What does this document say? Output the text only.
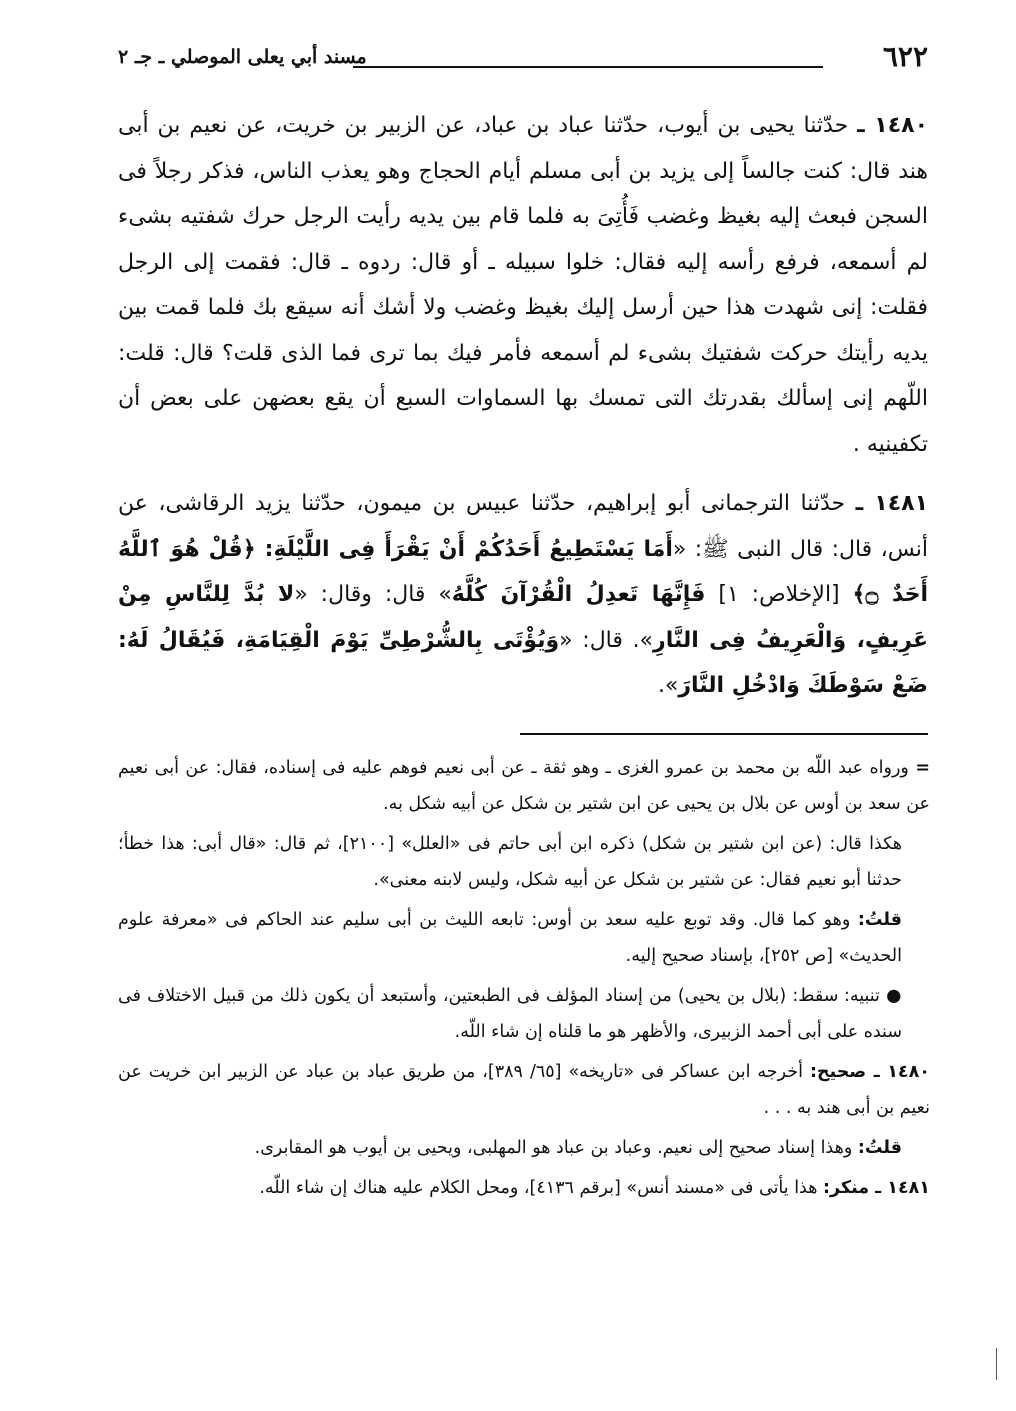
٦٢٢
مسند أبي يعلى الموصلي ـ جـ ٢

١٤٨٠ ـ حدّثنا يحيى بن أيوب، حدّثنا عباد بن عباد، عن الزبير بن خريت، عن نعيم بن أبى هند قال: كنت جالساً إلى يزيد بن أبى مسلم أيام الحجاج وهو يعذب الناس، فذكر رجلاً فى السجن فبعث إليه بغيظ وغضب فَأُتِىَ به فلما قام بين يديه رأيت الرجل حرك شفتيه بشىء لم أسمعه، فرفع رأسه إليه فقال: خلوا سبيله ـ أو قال: ردوه ـ قال: فقمت إلى الرجل فقلت: إنى شهدت هذا حين أرسل إليك بغيظ وغضب ولا أشك أنه سيقع بك فلما قمت بين يديه رأيتك حركت شفتيك بشىء لم أسمعه فأمر فيك بما ترى فما الذى قلت؟ قال: قلت: اللّهم إنى إسألك بقدرتك التى تمسك بها السماوات السبع أن يقع بعضهن على بعض أن تكفينيه .

١٤٨١ ـ حدّثنا الترجمانى أبو إبراهيم، حدّثنا عبيس بن ميمون، حدّثنا يزيد الرقاشى، عن أنس، قال: قال النبى ﷺ: «أَمَا يَسْتَطِيعُ أَحَدُكُمْ أَنْ يَقْرَأَ فِى اللَّيْلَةِ: ﴿قُلْ هُوَ ٱللَّهُ أَحَدٌ ۝﴾ [الإخلاص: ١] فَإِنَّهَا تَعدِلُ الْقُرْآنَ كُلَّهُ» قال: وقال: «لا بُدَّ لِلنَّاسِ مِنْ عَرِيفٍ، وَالْعَرِيفُ فِى النَّارِ». قال: «وَيُؤْتَى بِالشُّرْطِىِّ يَوْمَ الْقِيَامَةِ، فَيُقَالُ لَهُ: ضَعْ سَوْطَكَ وَادْخُلِ النَّارَ».

= ورواه عبد اللّه بن محمد بن عمرو الغزى ـ وهو ثقة ـ عن أبى نعيم فوهم عليه فى إسناده، فقال: عن أبى نعيم عن سعد بن أوس عن بلال بن يحيى عن ابن شتير بن شكل عن أبيه شكل به.

هكذا قال: (عن ابن شتير بن شكل) ذكره ابن أبى حاتم فى «العلل» [٢١٠٠]، ثم قال: «قال أبى: هذا خطأ؛ حدثنا أبو نعيم فقال: عن شتير بن شكل عن أبيه شكل، وليس لابنه معنى».

قلتُ: وهو كما قال. وقد توبع عليه سعد بن أوس: تابعه الليث بن أبى سليم عند الحاكم فى «معرفة علوم الحديث» [ص ٢٥٢]، بإسناد صحيح إليه.

● تنبيه: سقط: (بلال بن يحيى) من إسناد المؤلف فى الطبعتين، وأستبعد أن يكون ذلك من قبيل الاختلاف فى سنده على أبى أحمد الزبيرى، والأظهر هو ما قلناه إن شاء اللّه.

١٤٨٠ ـ صحيح: أخرجه ابن عساكر فى «تاريخه» [٦٥/ ٣٨٩]، من طريق عباد بن عباد عن الزبير ابن خريت عن نعيم بن أبى هند به . . .

قلتُ: وهذا إسناد صحيح إلى نعيم. وعباد بن عباد هو المهلبى، ويحيى بن أيوب هو المقابرى.

١٤٨١ ـ منكر: هذا يأتى فى «مسند أنس» [برقم ٤١٣٦]، ومحل الكلام عليه هناك إن شاء اللّه.
